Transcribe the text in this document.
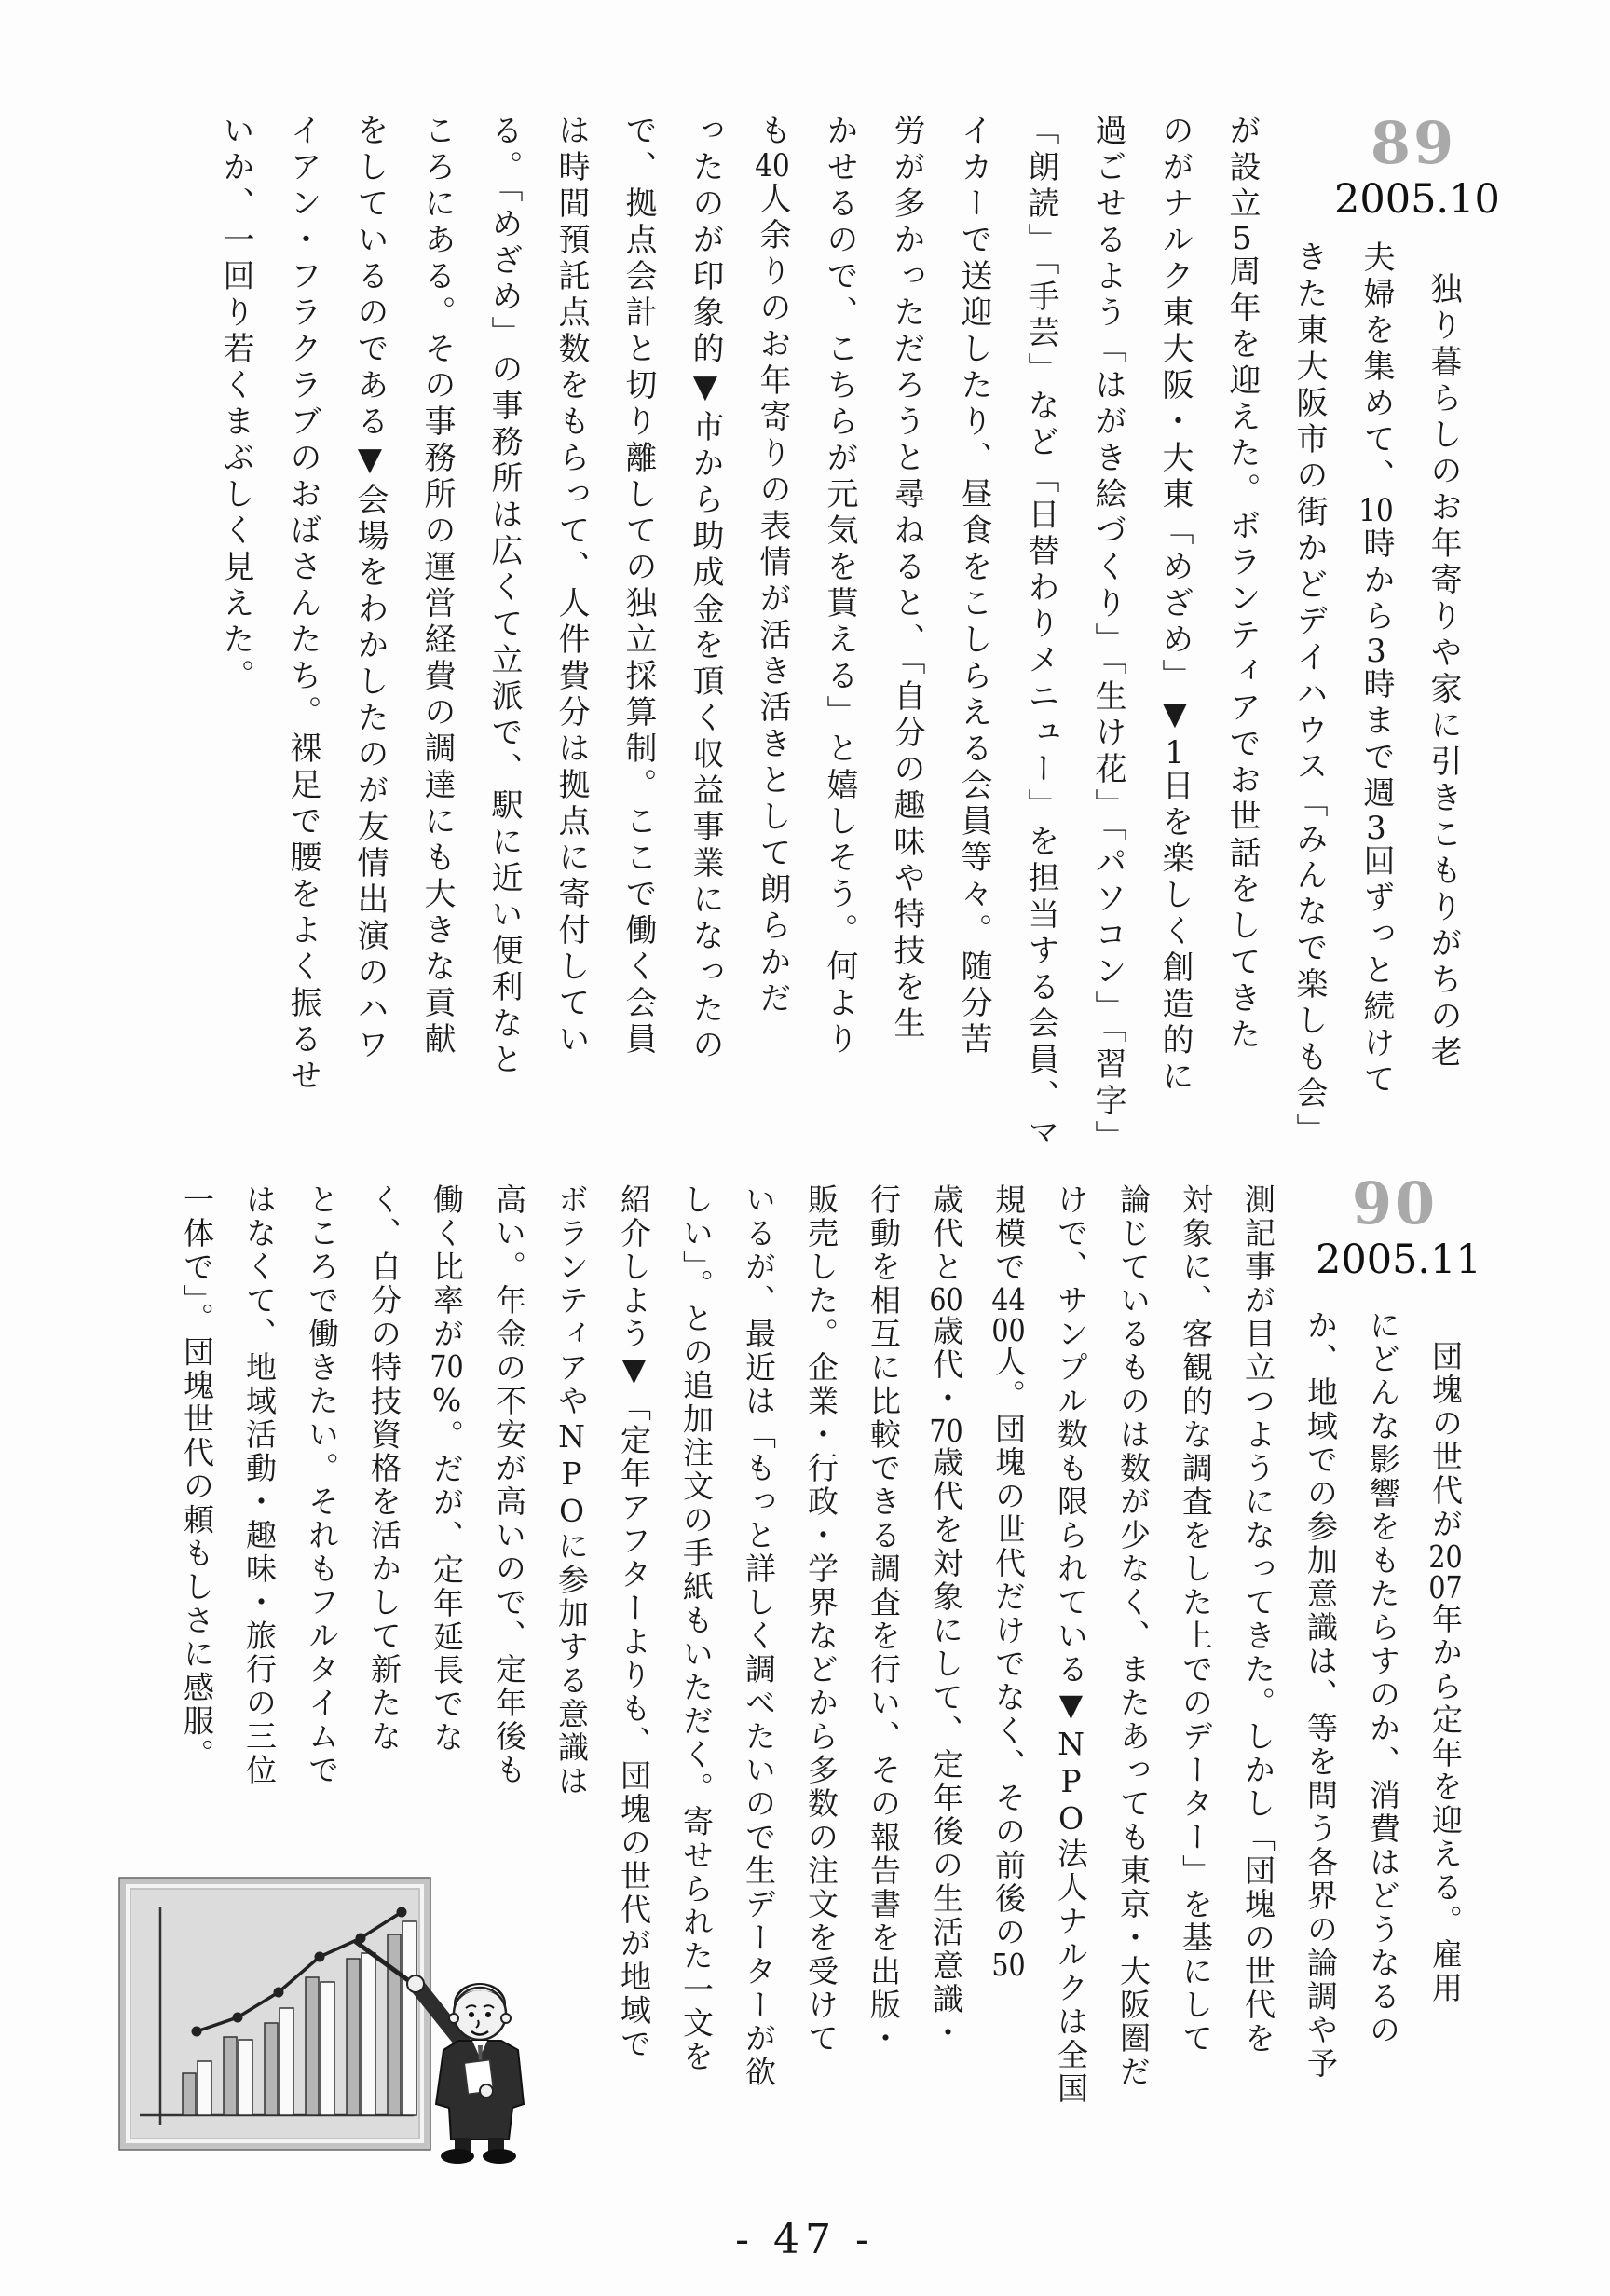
89
2005.10
独り暮らしのお年寄りや家に引きこもりがちの老
夫婦を集めて、10時から3時まで週3回ずっと続けて
きた東大阪市の街かどデイハウス「みんなで楽しも会」
が設立5周年を迎えた。ボランティアでお世話をしてきた
のがナルク東大阪・大東「めざめ」▼1日を楽しく創造的に
過ごせるよう「はがき絵づくり」「生け花」「パソコン」「習字」
「朗読」「手芸」など「日替わりメニュー」を担当する会員、マ
イカーで送迎したり、昼食をこしらえる会員等々。随分苦
労が多かっただろうと尋ねると、「自分の趣味や特技を生
かせるので、こちらが元気を貰える」と嬉しそう。何より
も40人余りのお年寄りの表情が活き活きとして朗らかだ
ったのが印象的▼市から助成金を頂く収益事業になったの
で、拠点会計と切り離しての独立採算制。ここで働く会員
は時間預託点数をもらって、人件費分は拠点に寄付してい
る。「めざめ」の事務所は広くて立派で、駅に近い便利なと
ころにある。その事務所の運営経費の調達にも大きな貢献
をしているのである▼会場をわかしたのが友情出演のハワ
イアン・フラクラブのおばさんたち。裸足で腰をよく振るせ
いか、一回り若くまぶしく見えた。
90
2005.11
団塊の世代が2007年から定年を迎える。雇用
にどんな影響をもたらすのか、消費はどうなるの
か、地域での参加意識は、等を問う各界の論調や予
測記事が目立つようになってきた。しかし「団塊の世代を
対象に、客観的な調査をした上でのデーター」を基にして
論じているものは数が少なく、またあっても東京・大阪圏だ
けで、サンプル数も限られている▼NPO法人ナルクは全国
規模で4400人。団塊の世代だけでなく、その前後の50
歳代と60歳代・70歳代を対象にして、定年後の生活意識・
行動を相互に比較できる調査を行い、その報告書を出版・
販売した。企業・行政・学界などから多数の注文を受けて
いるが、最近は「もっと詳しく調べたいので生データーが欲
しい」。との追加注文の手紙もいただく。寄せられた一文を
紹介しよう▼「定年アフターよりも、団塊の世代が地域で
ボランティアやNPOに参加する意識は
高い。年金の不安が高いので、定年後も
働く比率が70%。だが、定年延長でな
く、自分の特技資格を活かして新たな
ところで働きたい。それもフルタイムで
はなくて、地域活動・趣味・旅行の三位
一体で」。団塊世代の頼もしさに感服。
- 47 -
